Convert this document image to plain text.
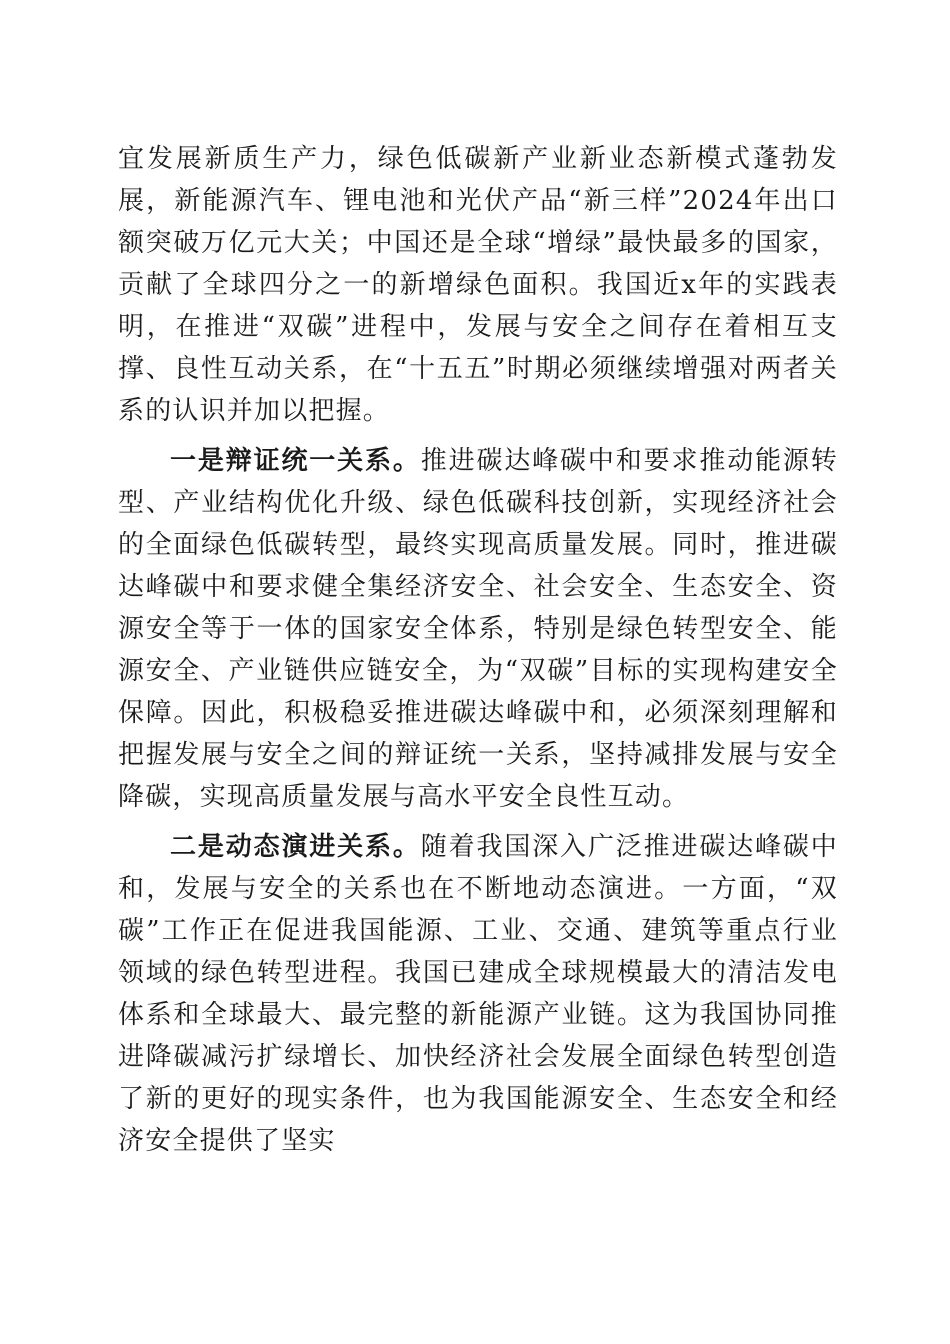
宜发展新质生产力，绿色低碳新产业新业态新模式蓬勃发展，新能源汽车、锂电池和光伏产品“新三样”2024年出口额突破万亿元大关；中国还是全球“增绿”最快最多的国家，贡献了全球四分之一的新增绿色面积。我国近x年的实践表明，在推进“双碳”进程中，发展与安全之间存在着相互支撑、良性互动关系，在“十五五”时期必须继续增强对两者关系的认识并加以把握。

一是辩证统一关系。推进碳达峰碳中和要求推动能源转型、产业结构优化升级、绿色低碳科技创新，实现经济社会的全面绿色低碳转型，最终实现高质量发展。同时，推进碳达峰碳中和要求健全集经济安全、社会安全、生态安全、资源安全等于一体的国家安全体系，特别是绿色转型安全、能源安全、产业链供应链安全，为“双碳”目标的实现构建安全保障。因此，积极稳妥推进碳达峰碳中和，必须深刻理解和把握发展与安全之间的辩证统一关系，坚持减排发展与安全降碳，实现高质量发展与高水平安全良性互动。

二是动态演进关系。随着我国深入广泛推进碳达峰碳中和，发展与安全的关系也在不断地动态演进。一方面，“双碳”工作正在促进我国能源、工业、交通、建筑等重点行业领域的绿色转型进程。我国已建成全球规模最大的清洁发电体系和全球最大、最完整的新能源产业链。这为我国协同推进降碳减污扩绿增长、加快经济社会发展全面绿色转型创造了新的更好的现实条件，也为我国能源安全、生态安全和经济安全提供了坚实
